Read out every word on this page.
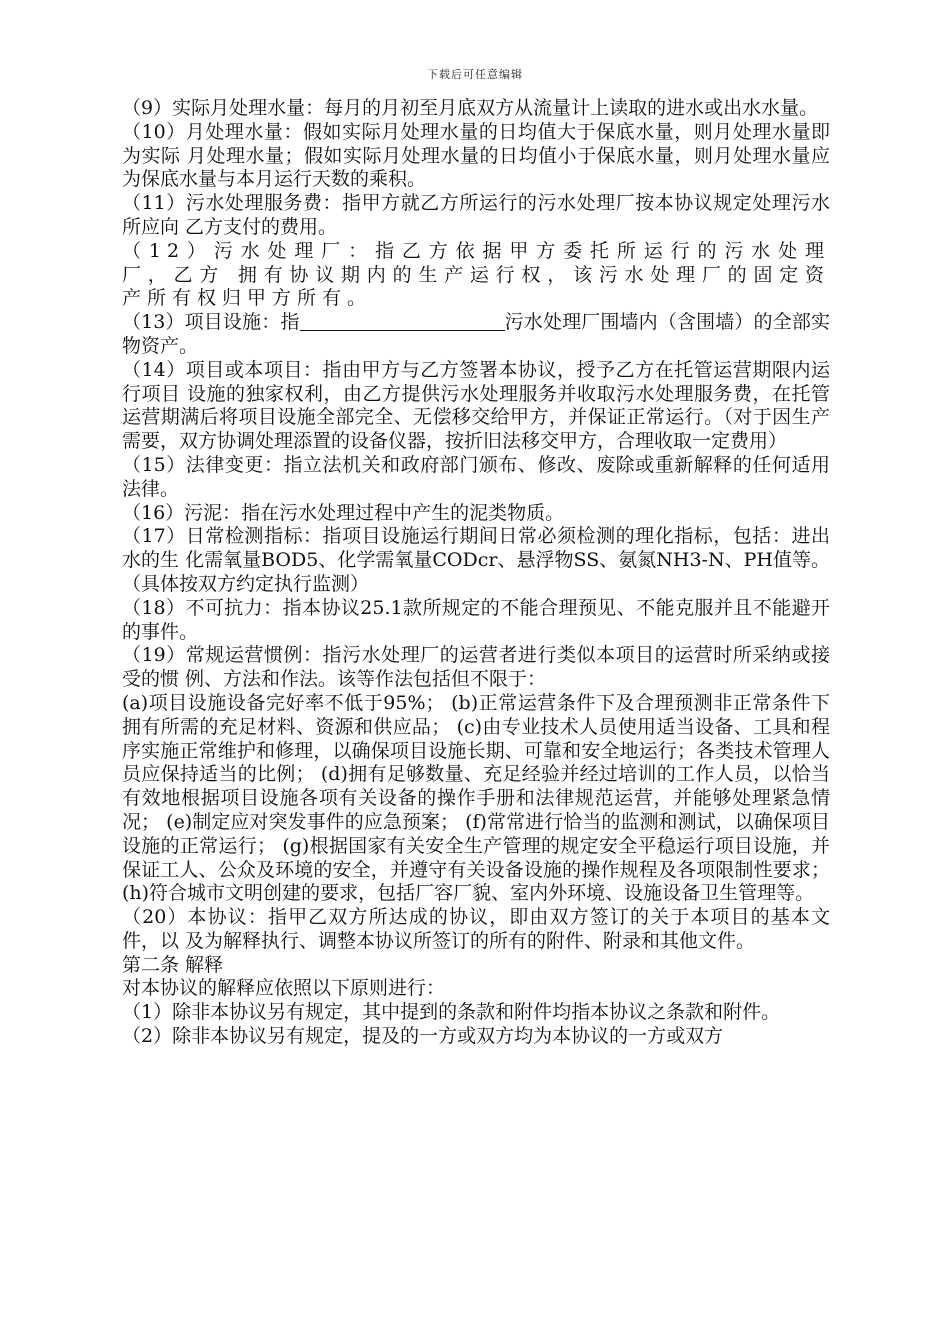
下载后可任意编辑

（9）实际月处理水量：每月的月初至月底双方从流量计上读取的进水或出水水量。

（10）月处理水量：假如实际月处理水量的日均值大于保底水量，则月处理水量即为实际 月处理水量；假如实际月处理水量的日均值小于保底水量，则月处理水量应为保底水量与本月运行天数的乘积。

（11）污水处理服务费：指甲方就乙方所运行的污水处理厂按本协议规定处理污水所应向 乙方支付的费用。

（12）污水处理厂：指乙方依据甲方委托所运行的污水处理厂，乙方 拥有协议期内的生产运行权，该污水处理厂的固定资产所有权归甲方所有。

（13）项目设施：指	污水处理厂围墙内（含围墙）的全部实物资产。

（14）项目或本项目：指由甲方与乙方签署本协议，授予乙方在托管运营期限内运行项目 设施的独家权利，由乙方提供污水处理服务并收取污水处理服务费，在托管运营期满后将项目设施全部完全、无偿移交给甲方，并保证正常运行。（对于因生产需要，双方协调处理添置的设备仪器，按折旧法移交甲方，合理收取一定费用）

（15）法律变更：指立法机关和政府部门颁布、修改、废除或重新解释的任何适用法律。

（16）污泥：指在污水处理过程中产生的泥类物质。

（17）日常检测指标：指项目设施运行期间日常必须检测的理化指标，包括：进出水的生 化需氧量BOD5、化学需氧量CODcr、悬浮物SS、氨氮NH3-N、PH值等。（具体按双方约定执行监测）

（18）不可抗力：指本协议25.1款所规定的不能合理预见、不能克服并且不能避开的事件。

（19）常规运营惯例：指污水处理厂的运营者进行类似本项目的运营时所采纳或接受的惯 例、方法和作法。该等作法包括但不限于：

(a)项目设施设备完好率不低于95%； (b)正常运营条件下及合理预测非正常条件下拥有所需的充足材料、资源和供应品； (c)由专业技术人员使用适当设备、工具和程序实施正常维护和修理，以确保项目设施长期、可靠和安全地运行；各类技术管理人员应保持适当的比例； (d)拥有足够数量、充足经验并经过培训的工作人员，以恰当有效地根据项目设施各项有关设备的操作手册和法律规范运营，并能够处理紧急情况； (e)制定应对突发事件的应急预案； (f)常常进行恰当的监测和测试，以确保项目设施的正常运行； (g)根据国家有关安全生产管理的规定安全平稳运行项目设施，并保证工人、公众及环境的安全，并遵守有关设备设施的操作规程及各项限制性要求； (h)符合城市文明创建的要求，包括厂容厂貌、室内外环境、设施设备卫生管理等。

（20）本协议：指甲乙双方所达成的协议，即由双方签订的关于本项目的基本文件，以 及为解释执行、调整本协议所签订的所有的附件、附录和其他文件。

第二条 解释

对本协议的解释应依照以下原则进行：

（1）除非本协议另有规定，其中提到的条款和附件均指本协议之条款和附件。

（2）除非本协议另有规定，提及的一方或双方均为本协议的一方或双方
